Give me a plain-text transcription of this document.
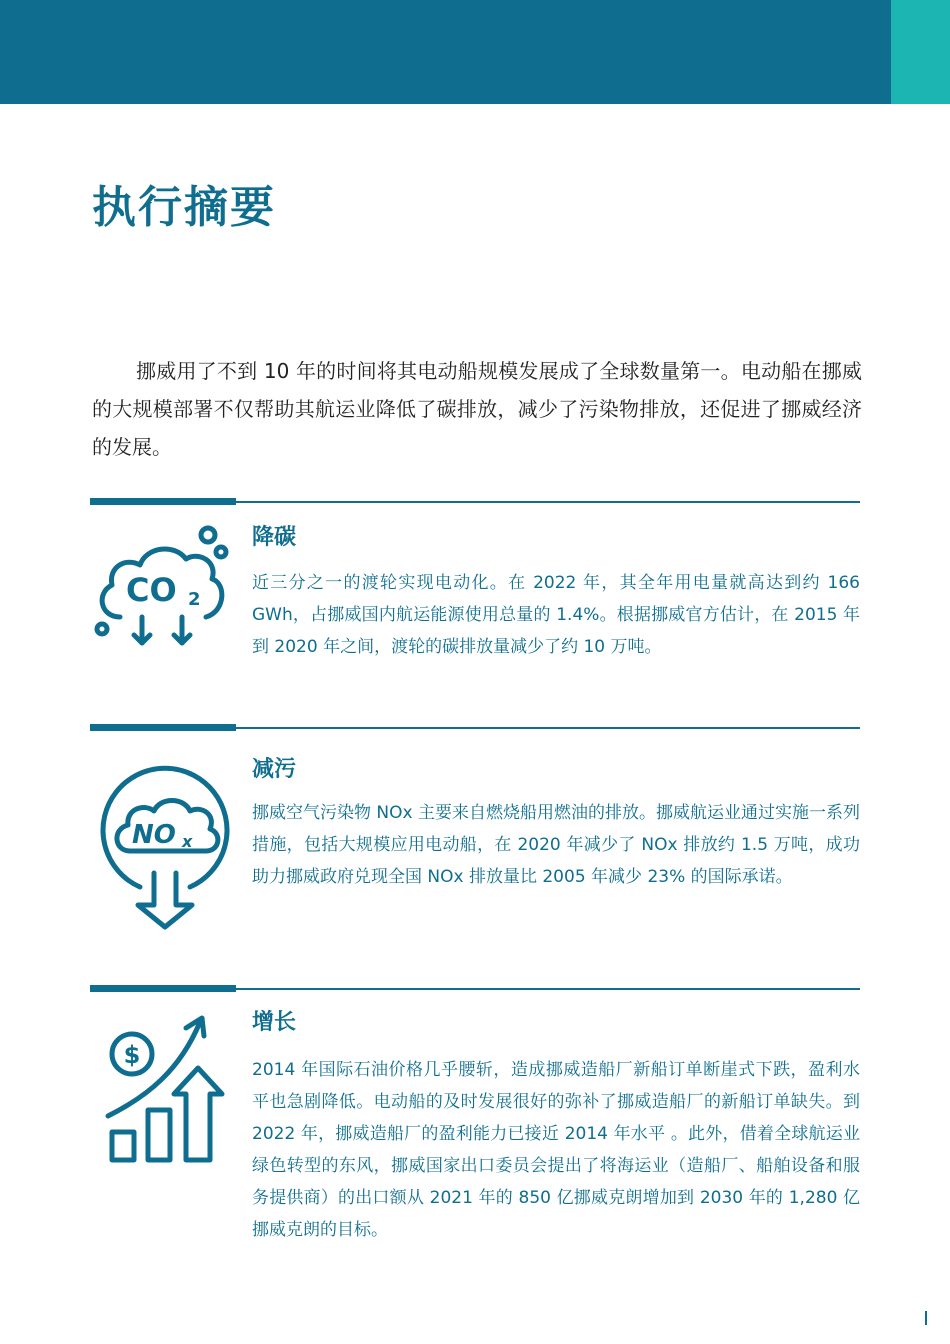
执行摘要

挪威用了不到 10 年的时间将其电动船规模发展成了全球数量第一。电动船在挪威的大规模部署不仅帮助其航运业降低了碳排放，减少了污染物排放，还促进了挪威经济的发展。

CO 2
降碳

近三分之一的渡轮实现电动化。在 2022 年，其全年用电量就高达到约 166 GWh，占挪威国内航运能源使用总量的 1.4%。根据挪威官方估计，在 2015 年到 2020 年之间，渡轮的碳排放量减少了约 10 万吨。

NO x
减污

挪威空气污染物 NOx 主要来自燃烧船用燃油的排放。挪威航运业通过实施一系列措施，包括大规模应用电动船，在 2020 年减少了 NOx 排放约 1.5 万吨，成功助力挪威政府兑现全国 NOx 排放量比 2005 年减少 23% 的国际承诺。

$
增长

2014 年国际石油价格几乎腰斩，造成挪威造船厂新船订单断崖式下跌，盈利水平也急剧降低。电动船的及时发展很好的弥补了挪威造船厂的新船订单缺失。到 2022 年，挪威造船厂的盈利能力已接近 2014 年水平 。此外，借着全球航运业绿色转型的东风，挪威国家出口委员会提出了将海运业（造船厂、船舶设备和服务提供商）的出口额从 2021 年的 850 亿挪威克朗增加到 2030 年的 1,280 亿挪威克朗的目标。
